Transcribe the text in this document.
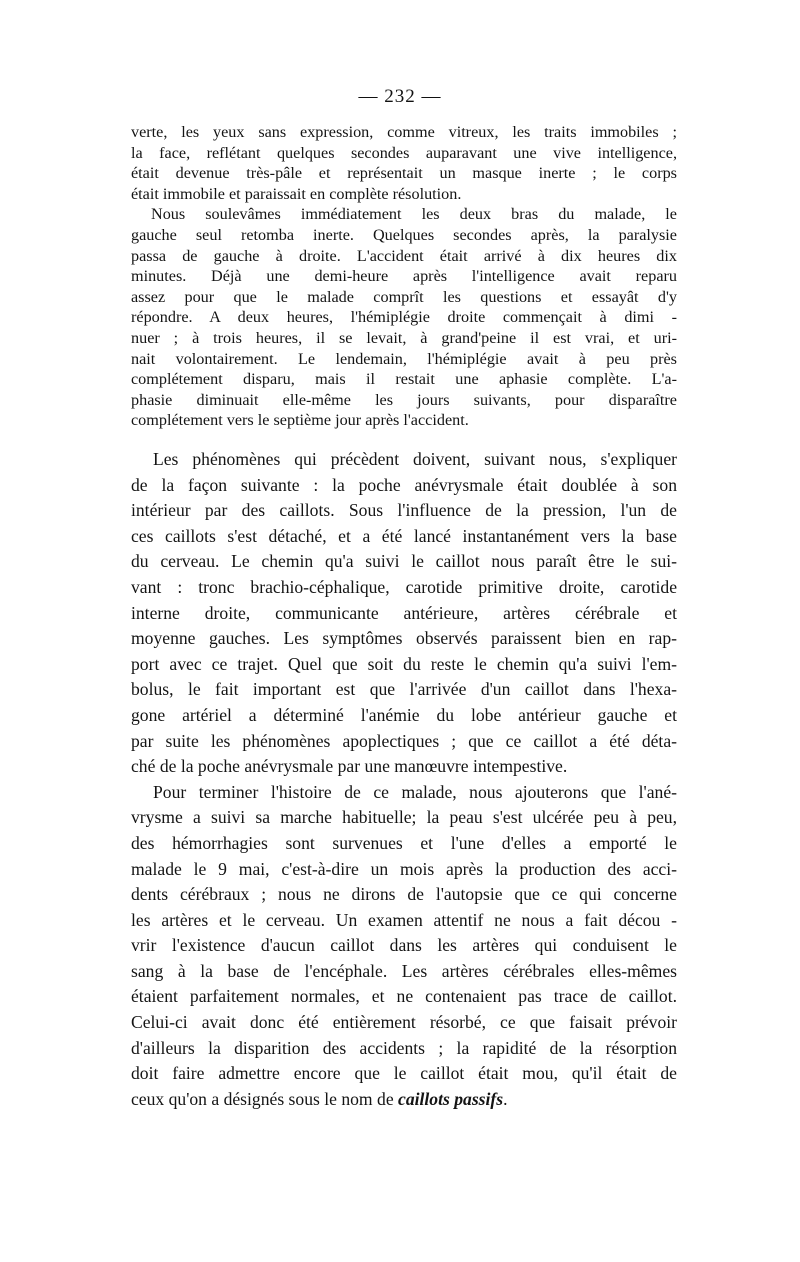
— 232 —
verte, les yeux sans expression, comme vitreux, les traits immobiles ;
la face, reflétant quelques secondes auparavant une vive intelligence,
était devenue très-pâle et représentait un masque inerte ; le corps
était immobile et paraissait en complète résolution.
Nous soulevâmes immédiatement les deux bras du malade, le
gauche seul retomba inerte. Quelques secondes après, la paralysie
passa de gauche à droite. L'accident était arrivé à dix heures dix
minutes. Déjà une demi-heure après l'intelligence avait reparu
assez pour que le malade comprît les questions et essayât d'y
répondre. A deux heures, l'hémiplégie droite commençait à dimi -
nuer ; à trois heures, il se levait, à grand'peine il est vrai, et uri-
nait volontairement. Le lendemain, l'hémiplégie avait à peu près
complétement disparu, mais il restait une aphasie complète. L'a-
phasie diminuait elle-même les jours suivants, pour disparaître
complétement vers le septième jour après l'accident.
Les phénomènes qui précèdent doivent, suivant nous, s'expliquer
de la façon suivante : la poche anévrysmale était doublée à son
intérieur par des caillots. Sous l'influence de la pression, l'un de
ces caillots s'est détaché, et a été lancé instantanément vers la base
du cerveau. Le chemin qu'a suivi le caillot nous paraît être le sui-
vant : tronc brachio-céphalique, carotide primitive droite, carotide
interne droite, communicante antérieure, artères cérébrale et
moyenne gauches. Les symptômes observés paraissent bien en rap-
port avec ce trajet. Quel que soit du reste le chemin qu'a suivi l'em-
bolus, le fait important est que l'arrivée d'un caillot dans l'hexa-
gone artériel a déterminé l'anémie du lobe antérieur gauche et
par suite les phénomènes apoplectiques ; que ce caillot a été déta-
ché de la poche anévrysmale par une manœuvre intempestive.
Pour terminer l'histoire de ce malade, nous ajouterons que l'ané-
vrysme a suivi sa marche habituelle; la peau s'est ulcérée peu à peu,
des hémorrhagies sont survenues et l'une d'elles a emporté le
malade le 9 mai, c'est-à-dire un mois après la production des acci-
dents cérébraux ; nous ne dirons de l'autopsie que ce qui concerne
les artères et le cerveau. Un examen attentif ne nous a fait décou -
vrir l'existence d'aucun caillot dans les artères qui conduisent le
sang à la base de l'encéphale. Les artères cérébrales elles-mêmes
étaient parfaitement normales, et ne contenaient pas trace de caillot.
Celui-ci avait donc été entièrement résorbé, ce que faisait prévoir
d'ailleurs la disparition des accidents ; la rapidité de la résorption
doit faire admettre encore que le caillot était mou, qu'il était de
ceux qu'on a désignés sous le nom de caillots passifs.
